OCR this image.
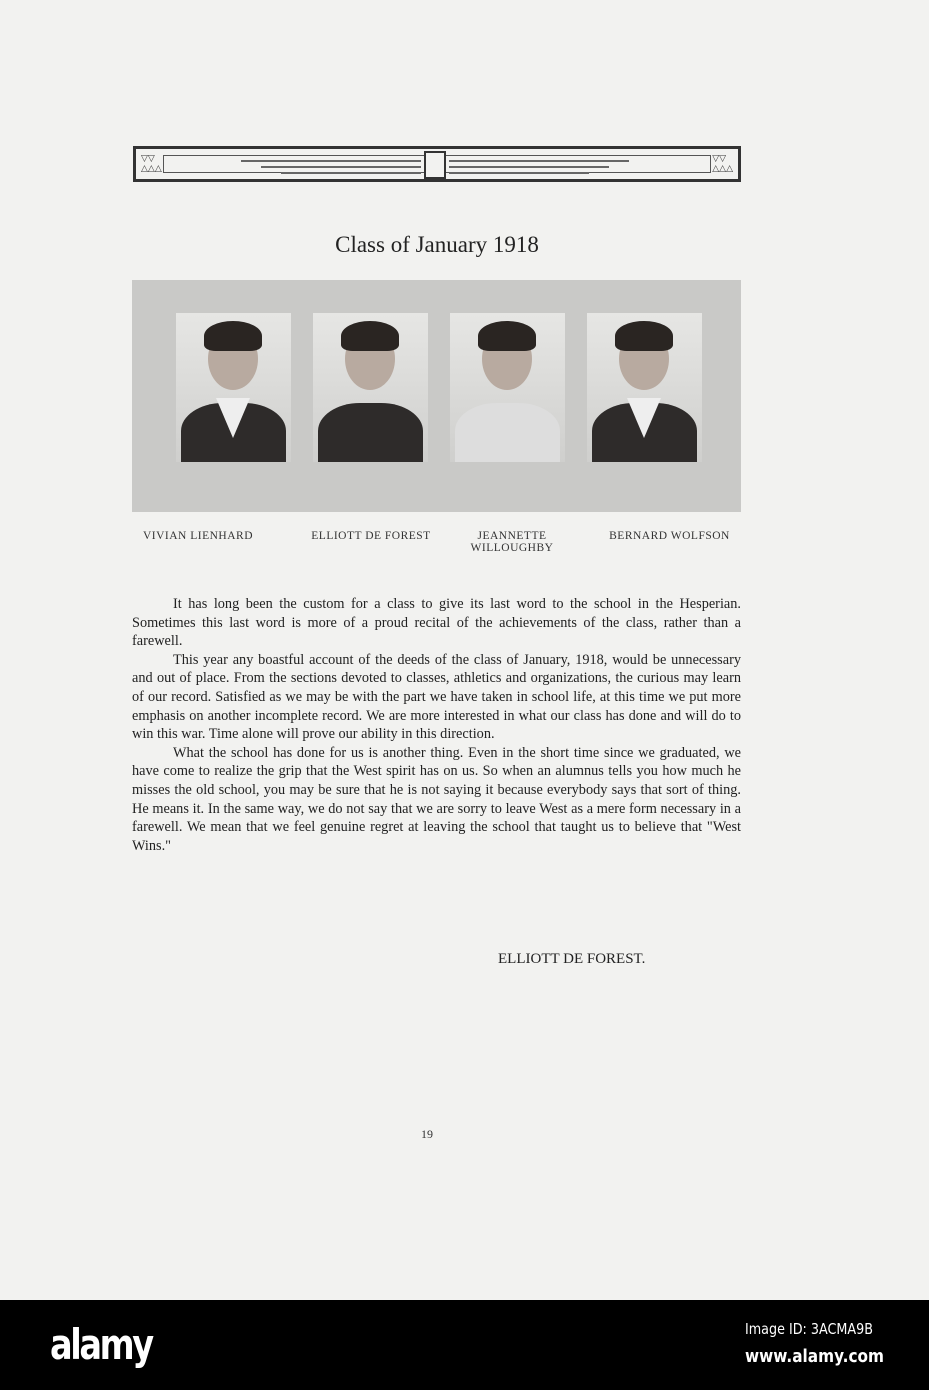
▽▽
△△△
▽▽
△△△
Class of January 1918
VIVIAN LIENHARD	ELLIOTT DE FOREST	JEANNETTE
WILLOUGHBY
BERNARD WOLFSON

It has long been the custom for a class to give its last word to the school in the Hesperian. Sometimes this last word is more of a proud recital of the achievements of the class, rather than a farewell.

This year any boastful account of the deeds of the class of January, 1918, would be unnecessary and out of place. From the sections devoted to classes, athletics and organizations, the curious may learn of our record. Satisfied as we may be with the part we have taken in school life, at this time we put more emphasis on another incomplete record. We are more interested in what our class has done and will do to win this war. Time alone will prove our ability in this direction.

What the school has done for us is another thing. Even in the short time since we graduated, we have come to realize the grip that the West spirit has on us. So when an alumnus tells you how much he misses the old school, you may be sure that he is not saying it because everybody says that sort of thing. He means it. In the same way, we do not say that we are sorry to leave West as a mere form necessary in a farewell. We mean that we feel genuine regret at leaving the school that taught us to believe that "West Wins."

ELLIOTT DE FOREST.
19
alamy	Image ID: 3ACMA9B
www.alamy.com
